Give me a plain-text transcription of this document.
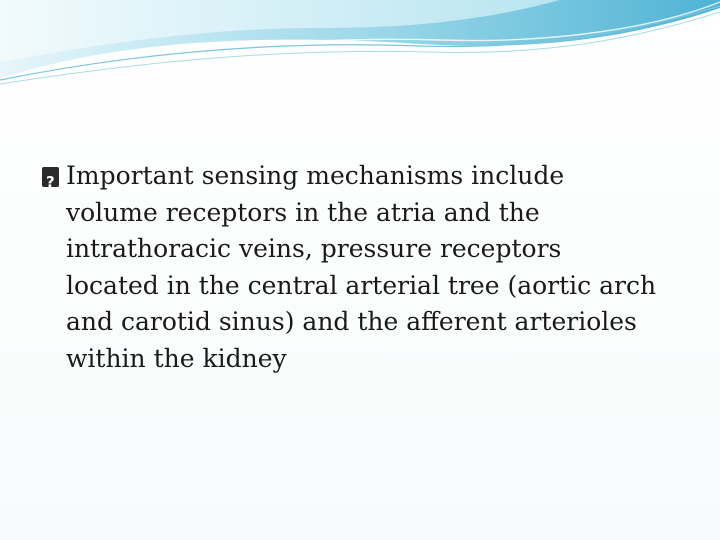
?
Important sensing mechanisms include volume receptors in the atria and the intrathoracic veins, pressure receptors located in the central arterial tree (aortic arch and carotid sinus) and the afferent arterioles within the kidney
